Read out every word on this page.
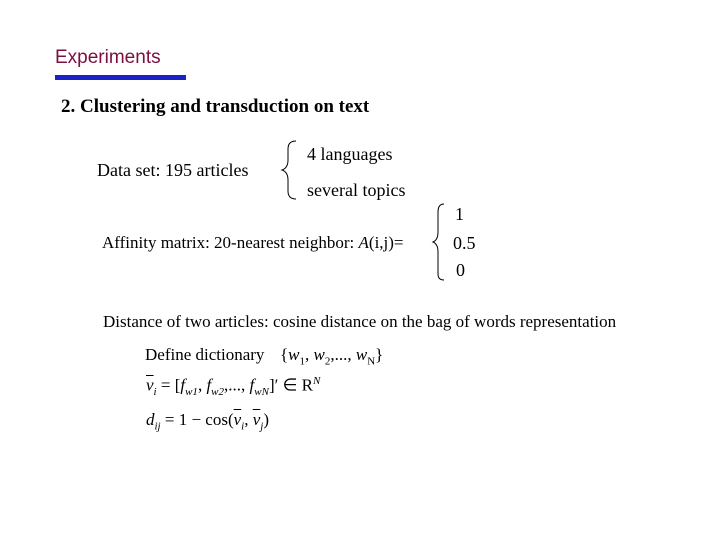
Experiments
2. Clustering and transduction on text
Data set: 195 articles
4 languages
several topics
1
Affinity matrix: 20-nearest neighbor: A(i,j)=	0.5
0
Distance of two articles: cosine distance on the bag of words representation
Define dictionary {$w_1$, $w_2$,..., $w_N$}
$\overline{v}_i = [f_{w1}$, $f_{w2}$,..., $f_{wN}]'$ ∈ $R^N$
$d_{ij} = 1 - \cos(\overline{v}_i$, $\overline{v}_j$)
